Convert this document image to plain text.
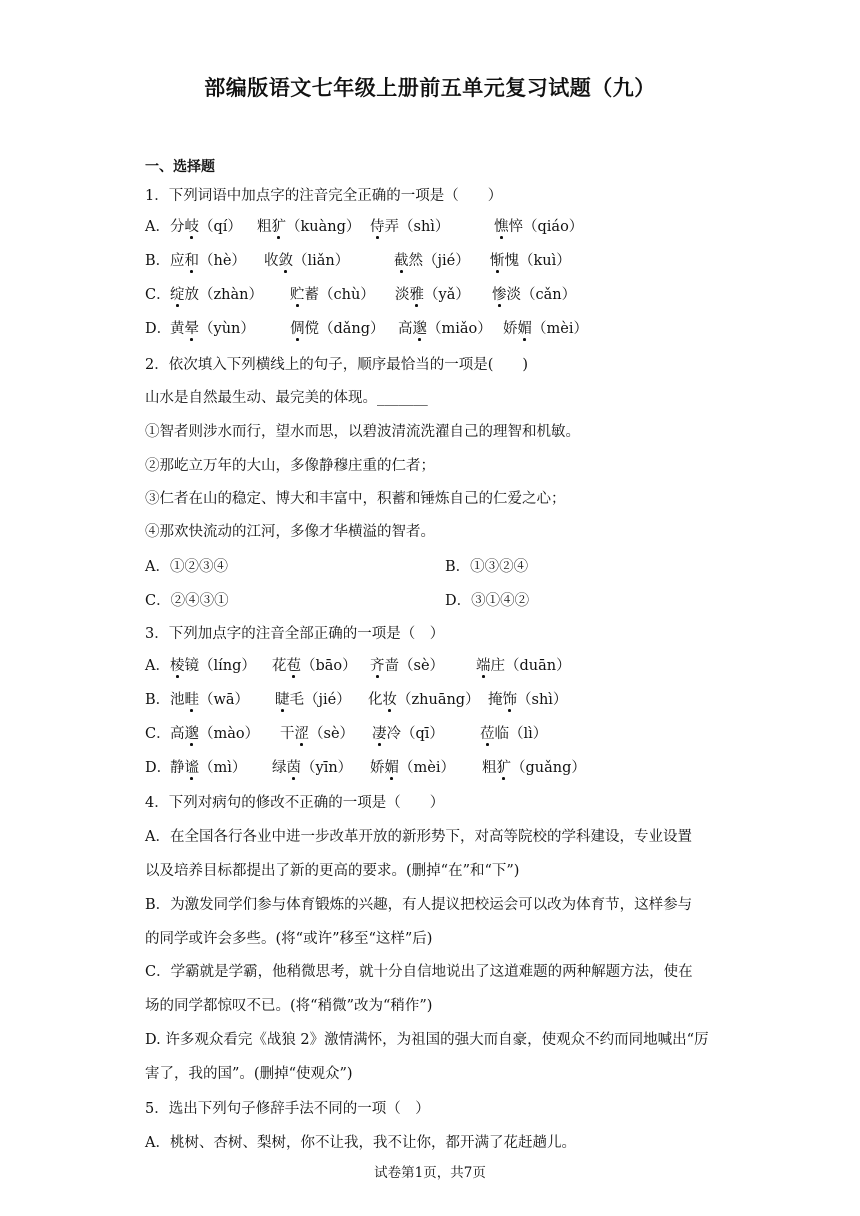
部编版语文七年级上册前五单元复习试题（九）
一、选择题
1．下列词语中加点字的注音完全正确的一项是（　　）
A． 分岐（qí） 粗犷（kuàng） 侍弄（shì）	憔悴（qiáo）
B． 应和（hè） 收敛（liǎn）	截然（jié） 惭愧（kuì）
C． 绽放（zhàn） 贮蓄（chù） 淡雅（yǎ） 惨淡（cǎn）
D．
黄晕（yùn） 倜傥（dǎng） 高邈（miǎo） 娇媚（mèi）
2．依次填入下列横线上的句子，顺序最恰当的一项是(　　)
山水是自然最生动、最完美的体现。_______
①智者则涉水而行，望水而思，以碧波清流洗濯自己的理智和机敏。
②那屹立万年的大山，多像静穆庄重的仁者；
③仁者在山的稳定、博大和丰富中，积蓄和锤炼自己的仁爱之心；
④那欢快流动的江河，多像才华横溢的智者。
A．①②③④	B．①③②④
C．②④③①	D．③①④②
3．下列加点字的注音全部正确的一项是（　）
A． 棱镜（líng） 花苞（bāo） 齐啬（sè） 端庄（duān）
B． 池畦（wā） 睫毛（jié） 化妆（zhuāng） 掩饰（shì）
C． 高邈（mào） 干涩（sè） 凄冷（qī） 莅临（lì）
D．
静谧（mì） 绿茵（yīn） 娇媚（mèi） 粗犷（guǎng）
4．下列对病句的修改不正确的一项是（　　）
A．在全国各行各业中进一步改革开放的新形势下，对高等院校的学科建设，专业设置
以及培养目标都提出了新的更高的要求。(删掉“在”和“下”)
B．为激发同学们参与体育锻炼的兴趣，有人提议把校运会可以改为体育节，这样参与
的同学或许会多些。(将“或许”移至“这样”后)
C．学霸就是学霸，他稍微思考，就十分自信地说出了这道难题的两种解题方法，使在
场的同学都惊叹不已。(将“稍微”改为“稍作”)
D. 许多观众看完《战狼 2》激情满怀，为祖国的强大而自豪，使观众不约而同地喊出“厉
害了，我的国”。(删掉“使观众”)
5．选出下列句子修辞手法不同的一项（　）
A．桃树、杏树、梨树，你不让我，我不让你，都开满了花赶趟儿。
试卷第1页，共7页
